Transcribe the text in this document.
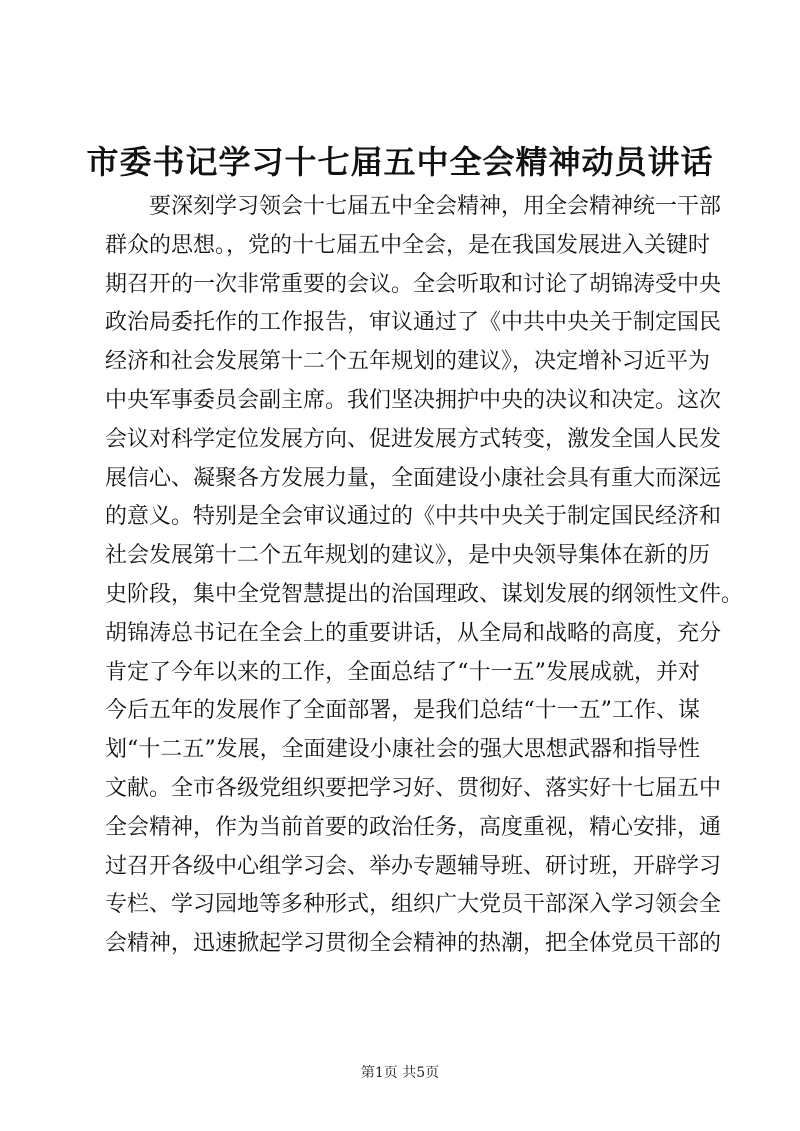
市委书记学习十七届五中全会精神动员讲话
要深刻学习领会十七届五中全会精神，用全会精神统一干部
群众的思想。，党的十七届五中全会，是在我国发展进入关键时
期召开的一次非常重要的会议。全会听取和讨论了胡锦涛受中央
政治局委托作的工作报告，审议通过了《中共中央关于制定国民
经济和社会发展第十二个五年规划的建议》，决定增补习近平为
中央军事委员会副主席。我们坚决拥护中央的决议和决定。这次
会议对科学定位发展方向、促进发展方式转变，激发全国人民发
展信心、凝聚各方发展力量，全面建设小康社会具有重大而深远
的意义。特别是全会审议通过的《中共中央关于制定国民经济和
社会发展第十二个五年规划的建议》，是中央领导集体在新的历
史阶段，集中全党智慧提出的治国理政、谋划发展的纲领性文件。
胡锦涛总书记在全会上的重要讲话，从全局和战略的高度，充分
肯定了今年以来的工作，全面总结了“十一五”发展成就，并对
今后五年的发展作了全面部署，是我们总结“十一五”工作、谋
划“十二五”发展，全面建设小康社会的强大思想武器和指导性
文献。全市各级党组织要把学习好、贯彻好、落实好十七届五中
全会精神，作为当前首要的政治任务，高度重视，精心安排，通
过召开各级中心组学习会、举办专题辅导班、研讨班，开辟学习
专栏、学习园地等多种形式，组织广大党员干部深入学习领会全
会精神，迅速掀起学习贯彻全会精神的热潮，把全体党员干部的
第1页 共5页
